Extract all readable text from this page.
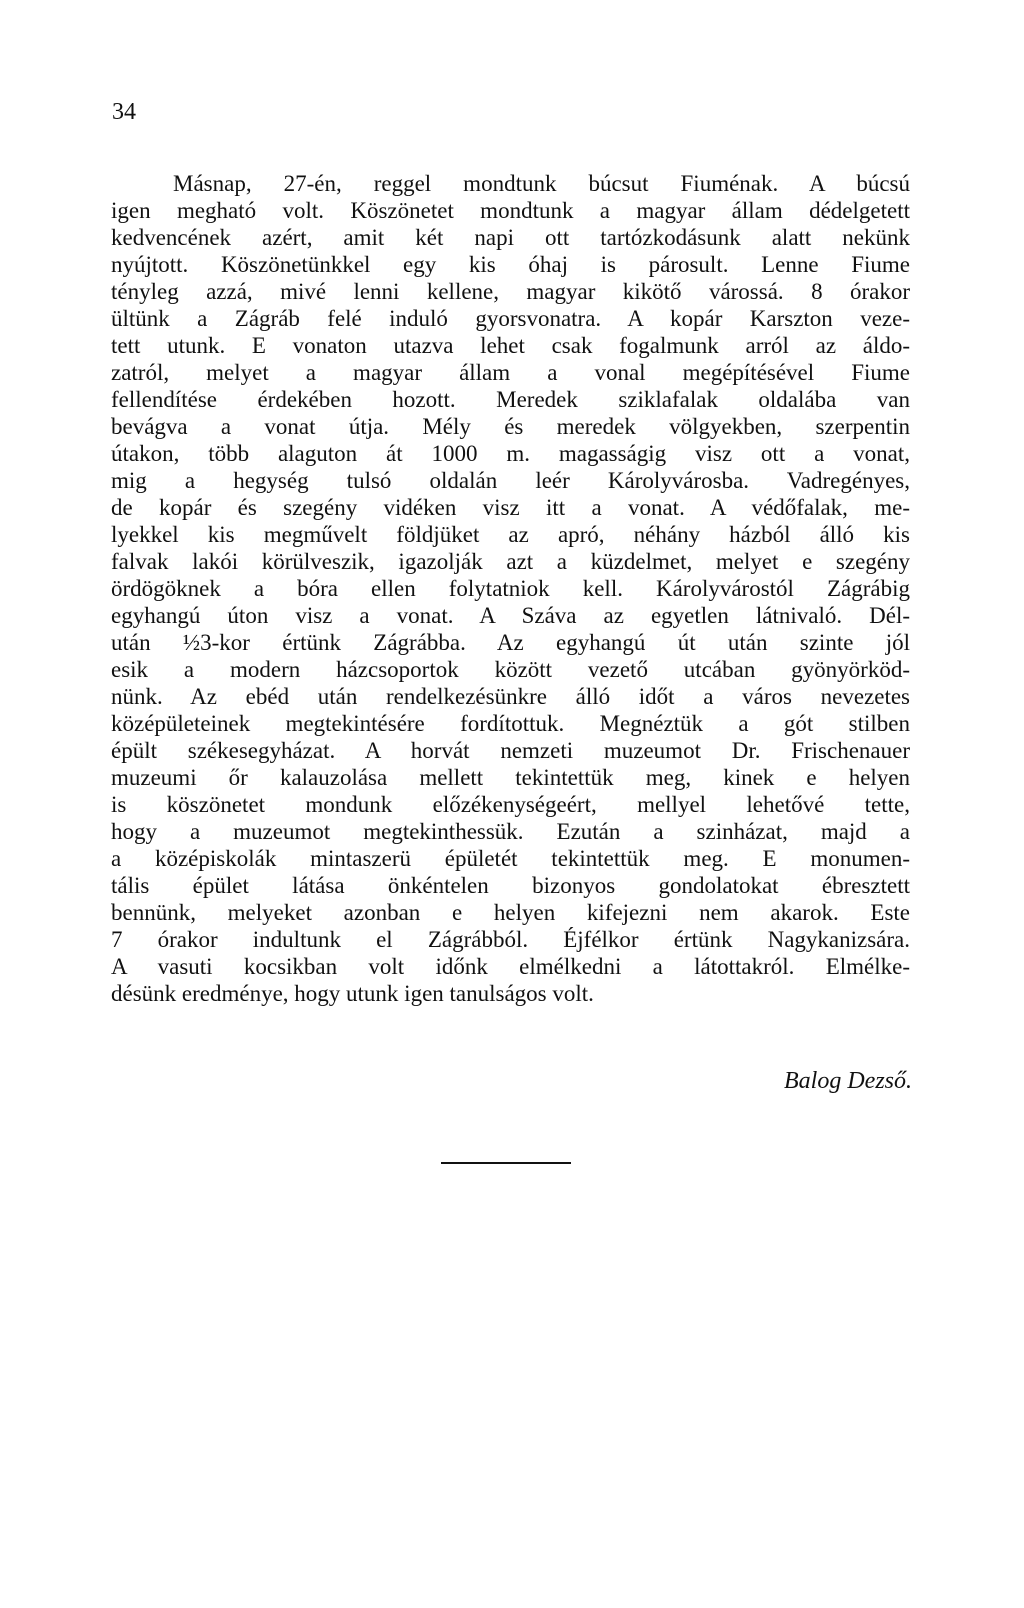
34
Másnap, 27-én, reggel mondtunk búcsut Fiuménak. A búcsú
igen megható volt. Köszönetet mondtunk a magyar állam dédelgetett
kedvencének azért, amit két napi ott tartózkodásunk alatt nekünk
nyújtott. Köszönetünkkel egy kis óhaj is párosult. Lenne Fiume
tényleg azzá, mivé lenni kellene, magyar kikötő várossá. 8 órakor
ültünk a Zágráb felé induló gyorsvonatra. A kopár Karszton veze-
tett utunk. E vonaton utazva lehet csak fogalmunk arról az áldo-
zatról, melyet a magyar állam a vonal megépítésével Fiume
fellendítése érdekében hozott. Meredek sziklafalak oldalába van
bevágva a vonat útja. Mély és meredek völgyekben, szerpentin
útakon, több alaguton át 1000 m. magasságig visz ott a vonat,
mig a hegység tulsó oldalán leér Károlyvárosba. Vadregényes,
de kopár és szegény vidéken visz itt a vonat. A védőfalak, me-
lyekkel kis megművelt földjüket az apró, néhány házból álló kis
falvak lakói körülveszik, igazolják azt a küzdelmet, melyet e szegény
ördögöknek a bóra ellen folytatniok kell. Károlyvárostól Zágrábig
egyhangú úton visz a vonat. A Száva az egyetlen látnivaló. Dél-
után ½3-kor értünk Zágrábba. Az egyhangú út után szinte jól
esik a modern házcsoportok között vezető utcában gyönyörköd-
nünk. Az ebéd után rendelkezésünkre álló időt a város nevezetes
középületeinek megtekintésére fordítottuk. Megnéztük a gót stilben
épült székesegyházat. A horvát nemzeti muzeumot Dr. Frischenauer
muzeumi őr kalauzolása mellett tekintettük meg, kinek e helyen
is köszönetet mondunk előzékenységeért, mellyel lehetővé tette,
hogy a muzeumot megtekinthessük. Ezután a szinházat, majd a
a középiskolák mintaszerü épületét tekintettük meg. E monumen-
tális épület látása önkéntelen bizonyos gondolatokat ébresztett
bennünk, melyeket azonban e helyen kifejezni nem akarok. Este
7 órakor indultunk el Zágrábból. Éjfélkor értünk Nagykanizsára.
A vasuti kocsikban volt időnk elmélkedni a látottakról. Elmélke-
désünk eredménye, hogy utunk igen tanulságos volt.
Balog Dezső.
